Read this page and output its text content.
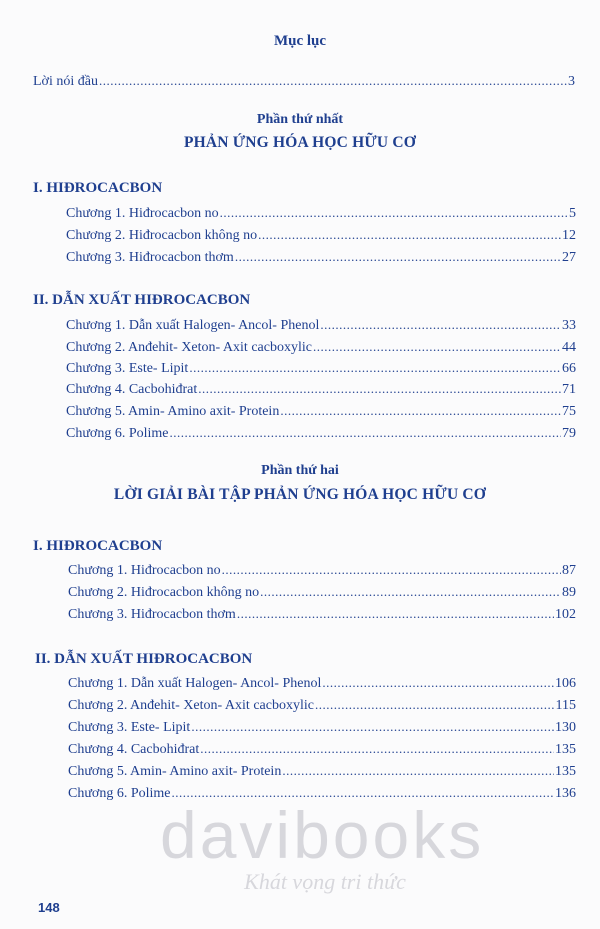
Mục lục
Lời nói đầu .....	3
Phần thứ nhất
PHẢN ỨNG HÓA HỌC HỮU CƠ
I. HIĐROCACBON
Chương 1. Hiđrocacbon no .....	5
Chương 2. Hiđrocacbon không no .....	12
Chương 3. Hiđrocacbon thơm .....	27
II. DẪN XUẤT HIĐROCACBON
Chương 1. Dẫn xuất Halogen- Ancol- Phenol .....	33
Chương 2. Anđehit- Xeton- Axit cacboxylic .....	44
Chương 3. Este- Lipit .....	66
Chương 4. Cacbohiđrat .....	71
Chương 5. Amin- Amino axit- Protein .....	75
Chương 6. Polime .....	79
Phần thứ hai
LỜI GIẢI BÀI TẬP PHẢN ỨNG HÓA HỌC HỮU CƠ
I. HIĐROCACBON
Chương 1. Hiđrocacbon no .....	87
Chương 2. Hiđrocacbon không no .....	89
Chương 3. Hiđrocacbon thơm .....	102
II. DẪN XUẤT HIĐROCACBON
Chương 1. Dẫn xuất Halogen- Ancol- Phenol .....	106
Chương 2. Anđehit- Xeton- Axit cacboxylic .....	115
Chương 3. Este- Lipit .....	130
Chương 4. Cacbohiđrat .....	135
Chương 5. Amin- Amino axit- Protein .....	135
Chương 6. Polime .....	136
davibooks
Khát vọng tri thức
148
